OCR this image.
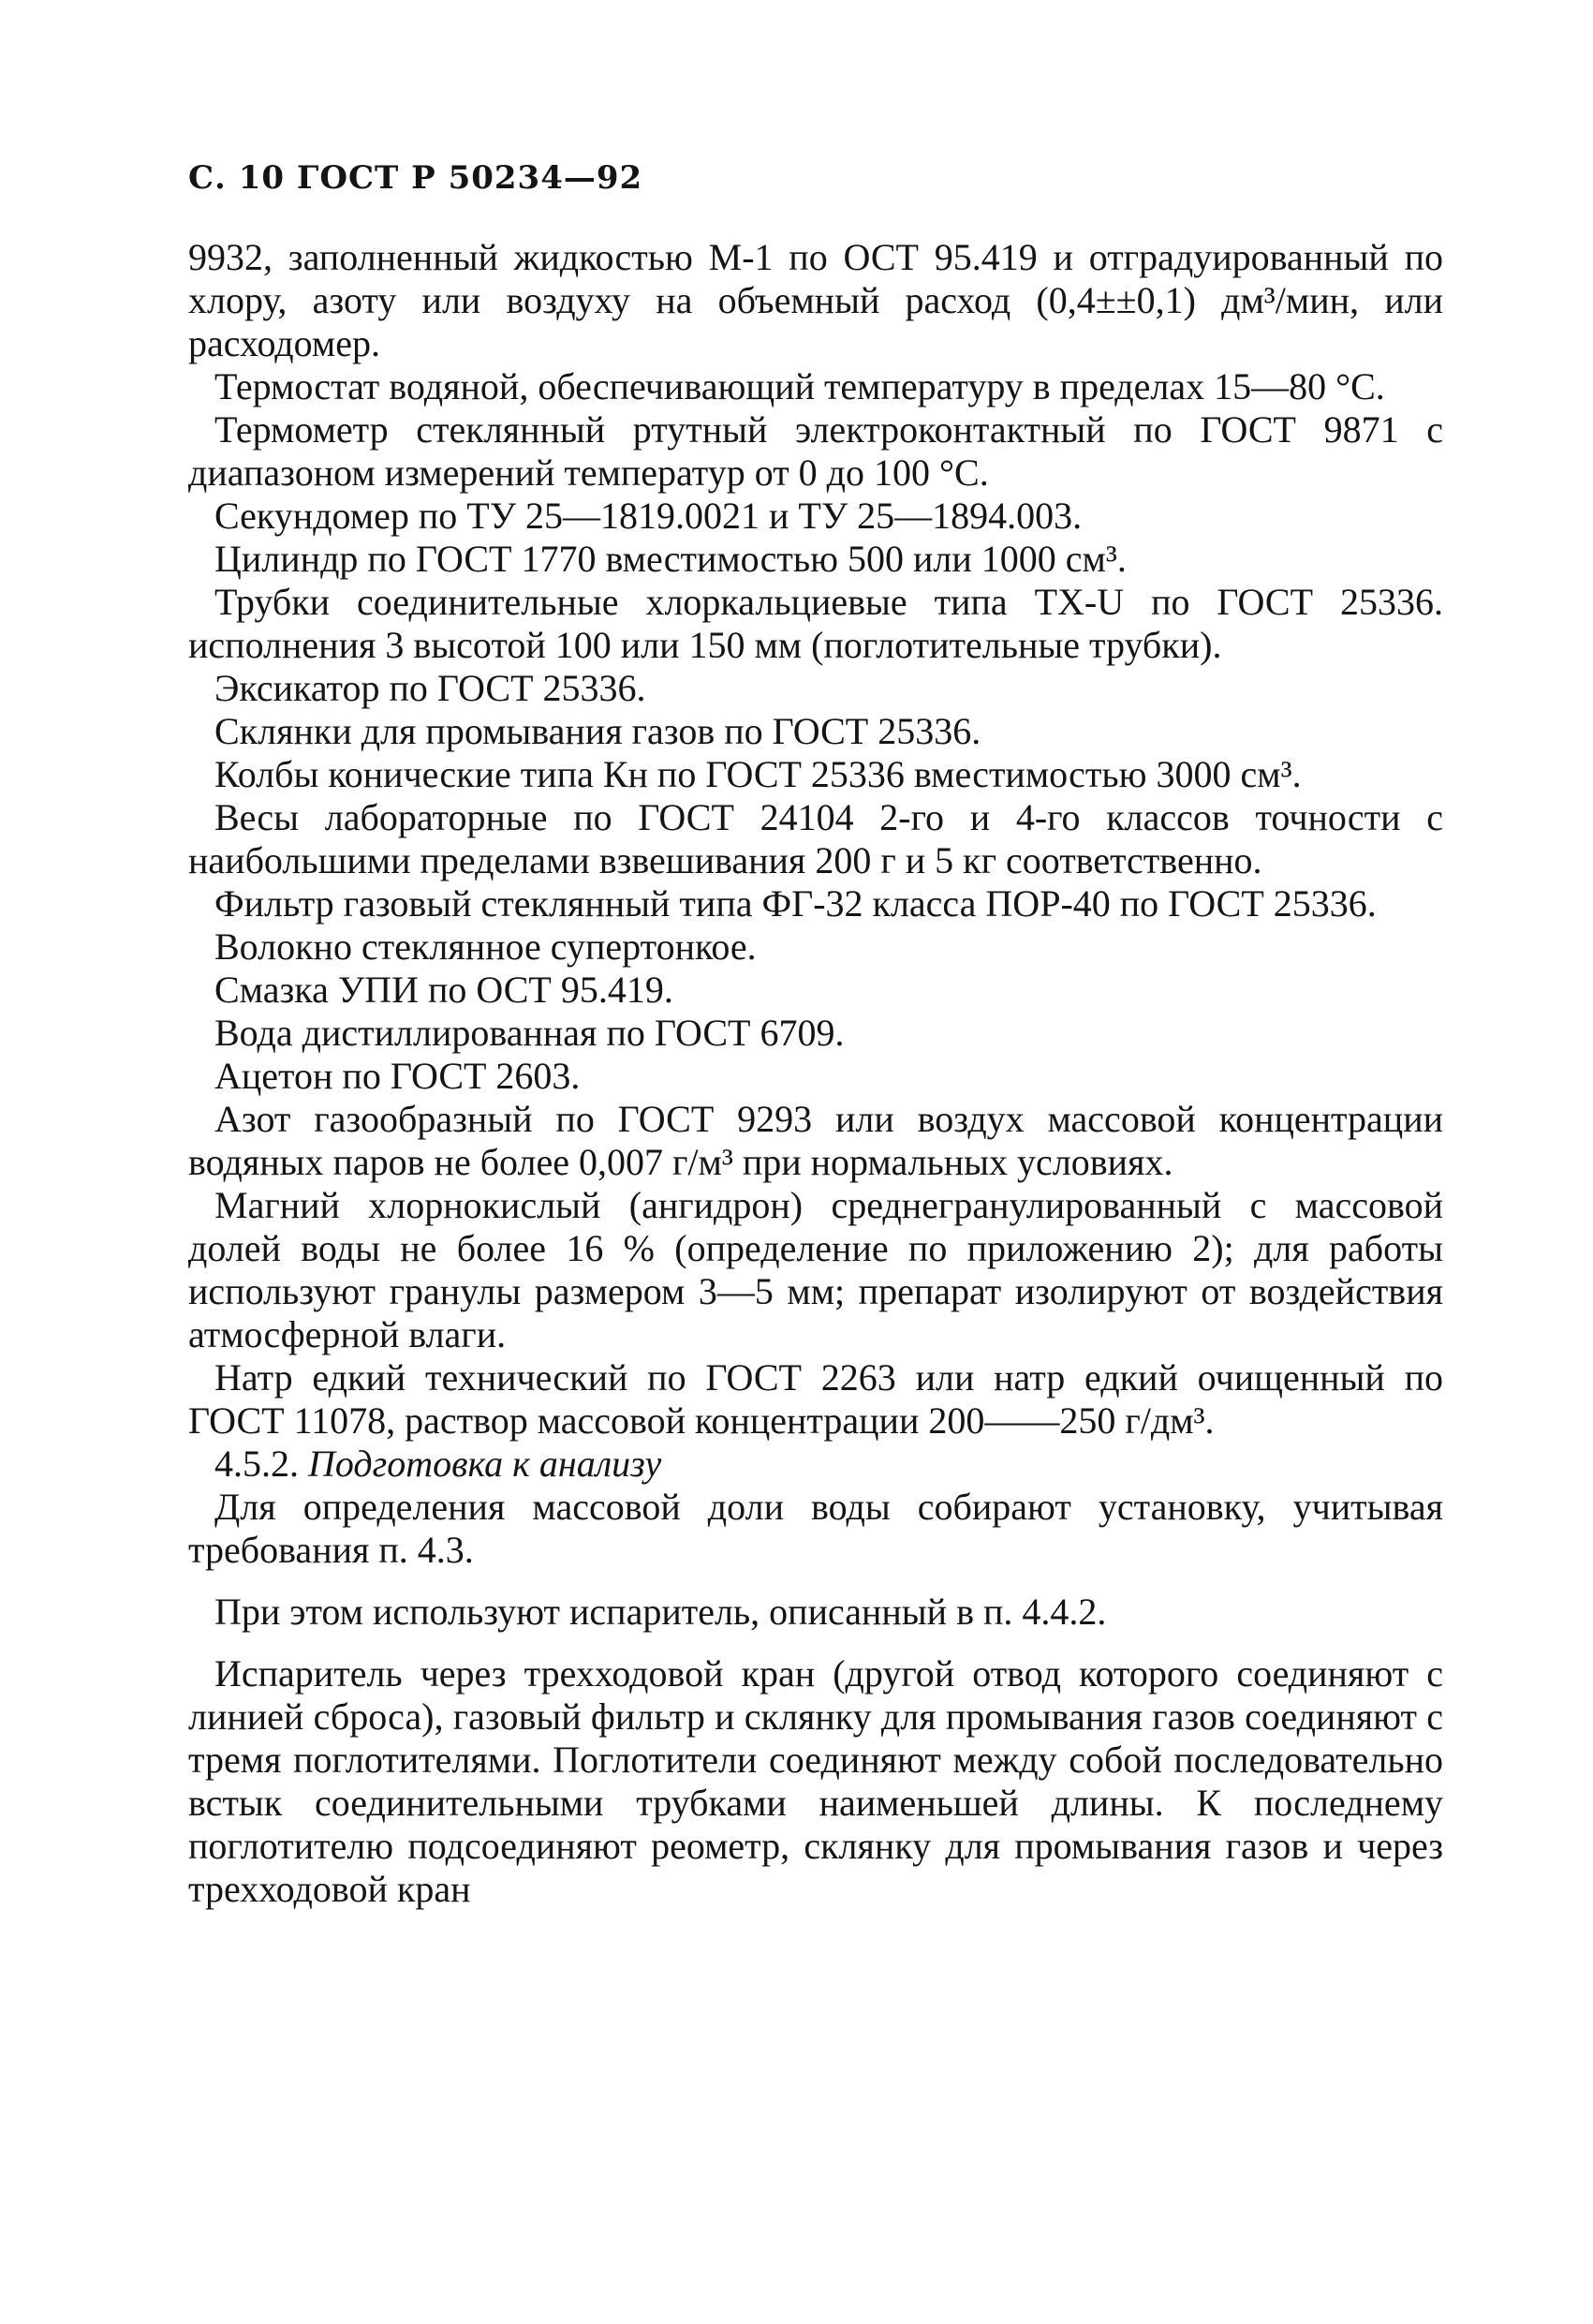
С. 10 ГОСТ Р 50234—92

9932, заполненный жидкостью М-1 по ОСТ 95.419 и отградуированный по хлору, азоту или воздуху на объемный расход (0,4±±0,1) дм³/мин, или расходомер.

Термостат водяной, обеспечивающий температуру в пределах 15—80 °С.

Термометр стеклянный ртутный электроконтактный по ГОСТ 9871 с диапазоном измерений температур от 0 до 100 °С.

Секундомер по ТУ 25—1819.0021 и ТУ 25—1894.003.

Цилиндр по ГОСТ 1770 вместимостью 500 или 1000 см³.

Трубки соединительные хлоркальциевые типа ТХ-U по ГОСТ 25336. исполнения 3 высотой 100 или 150 мм (поглотительные трубки).

Эксикатор по ГОСТ 25336.

Склянки для промывания газов по ГОСТ 25336.

Колбы конические типа Кн по ГОСТ 25336 вместимостью 3000 см³.

Весы лабораторные по ГОСТ 24104 2-го и 4-го классов точности с наибольшими пределами взвешивания 200 г и 5 кг соответственно.

Фильтр газовый стеклянный типа ФГ-32 класса ПОР-40 по ГОСТ 25336.

Волокно стеклянное супертонкое.

Смазка УПИ по ОСТ 95.419.

Вода дистиллированная по ГОСТ 6709.

Ацетон по ГОСТ 2603.

Азот газообразный по ГОСТ 9293 или воздух массовой концентрации водяных паров не более 0,007 г/м³ при нормальных условиях.

Магний хлорнокислый (ангидрон) среднегранулированный с массовой долей воды не более 16 % (определение по приложению 2); для работы используют гранулы размером 3—5 мм; препарат изолируют от воздействия атмосферной влаги.

Натр едкий технический по ГОСТ 2263 или натр едкий очищенный по ГОСТ 11078, раствор массовой концентрации 200——250 г/дм³.

4.5.2. Подготовка к анализу

Для определения массовой доли воды собирают установку, учитывая требования п. 4.3.

При этом используют испаритель, описанный в п. 4.4.2.

Испаритель через трехходовой кран (другой отвод которого соединяют с линией сброса), газовый фильтр и склянку для промывания газов соединяют с тремя поглотителями. Поглотители соединяют между собой последовательно встык соединительными трубками наименьшей длины. К последнему поглотителю подсоединяют реометр, склянку для промывания газов и через трехходовой кран
